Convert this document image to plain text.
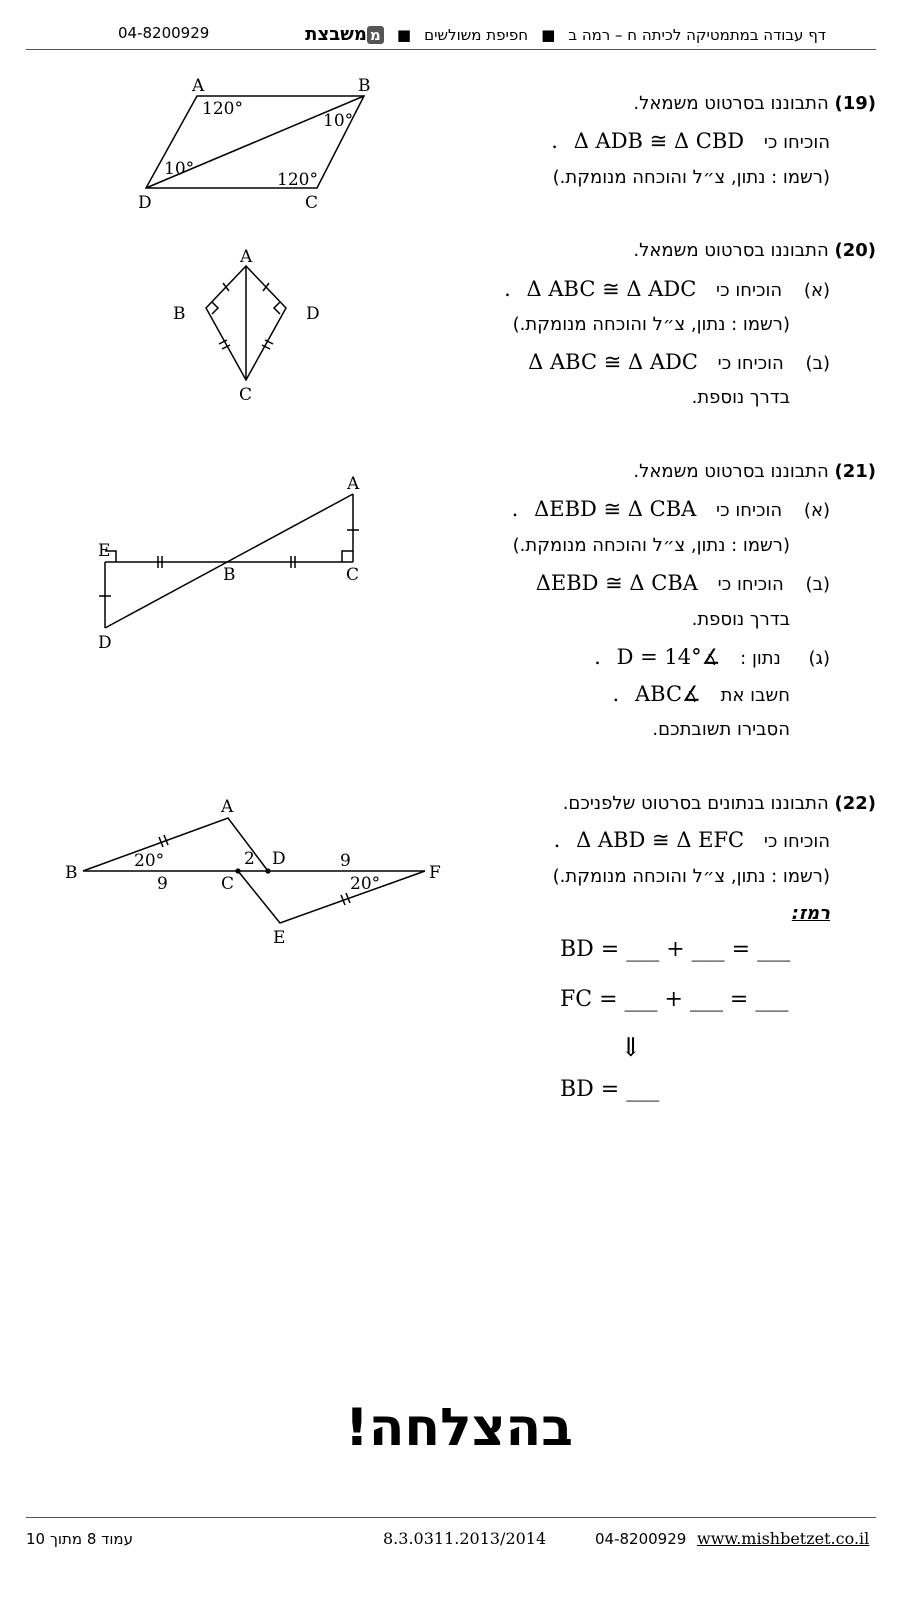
דף עבודה במתמטיקה לכיתה ח – רמה ב ■ חפיפת משולשים ■ ממשבצת
04-8200929
(19) התבוננו בסרטוט משמאל.
הוכיחו כי Δ ADB ≅ Δ CBD .
(רשמו : נתון, צ״ל והוכחה מנומקת.)
A	B
C
D
120°
10°
10°
120°
(20) התבוננו בסרטוט משמאל.
(א) הוכיחו כי Δ ABC ≅ Δ ADC .
(רשמו : נתון, צ״ל והוכחה מנומקת.)
(ב) הוכיחו כי Δ ABC ≅ Δ ADC
בדרך נוספת.
A
B
C
D
(21) התבוננו בסרטוט משמאל.
(א) הוכיחו כי ΔEBD ≅ Δ CBA .
(רשמו : נתון, צ״ל והוכחה מנומקת.)
(ב) הוכיחו כי ΔEBD ≅ Δ CBA
בדרך נוספת.
(ג) נתון : ∡D = 14° .
חשבו את ∡ABC .
הסבירו תשובתכם.
A
B	C
D
E
(22) התבוננו בנתונים בסרטוט שלפניכם.
הוכיחו כי Δ ABD ≅ Δ EFC .
(רשמו : נתון, צ״ל והוכחה מנומקת.)
רמז:
BD = ___ + ___ = ___
FC = ___ + ___ = ___
⇓
BD = ___
A
B
C
D
E
F
20°
20°
9
9
2
בהצלחה!
עמוד 8 מתוך 10	8.3.0311.2013/2014	04-8200929 www.mishbetzet.co.il
